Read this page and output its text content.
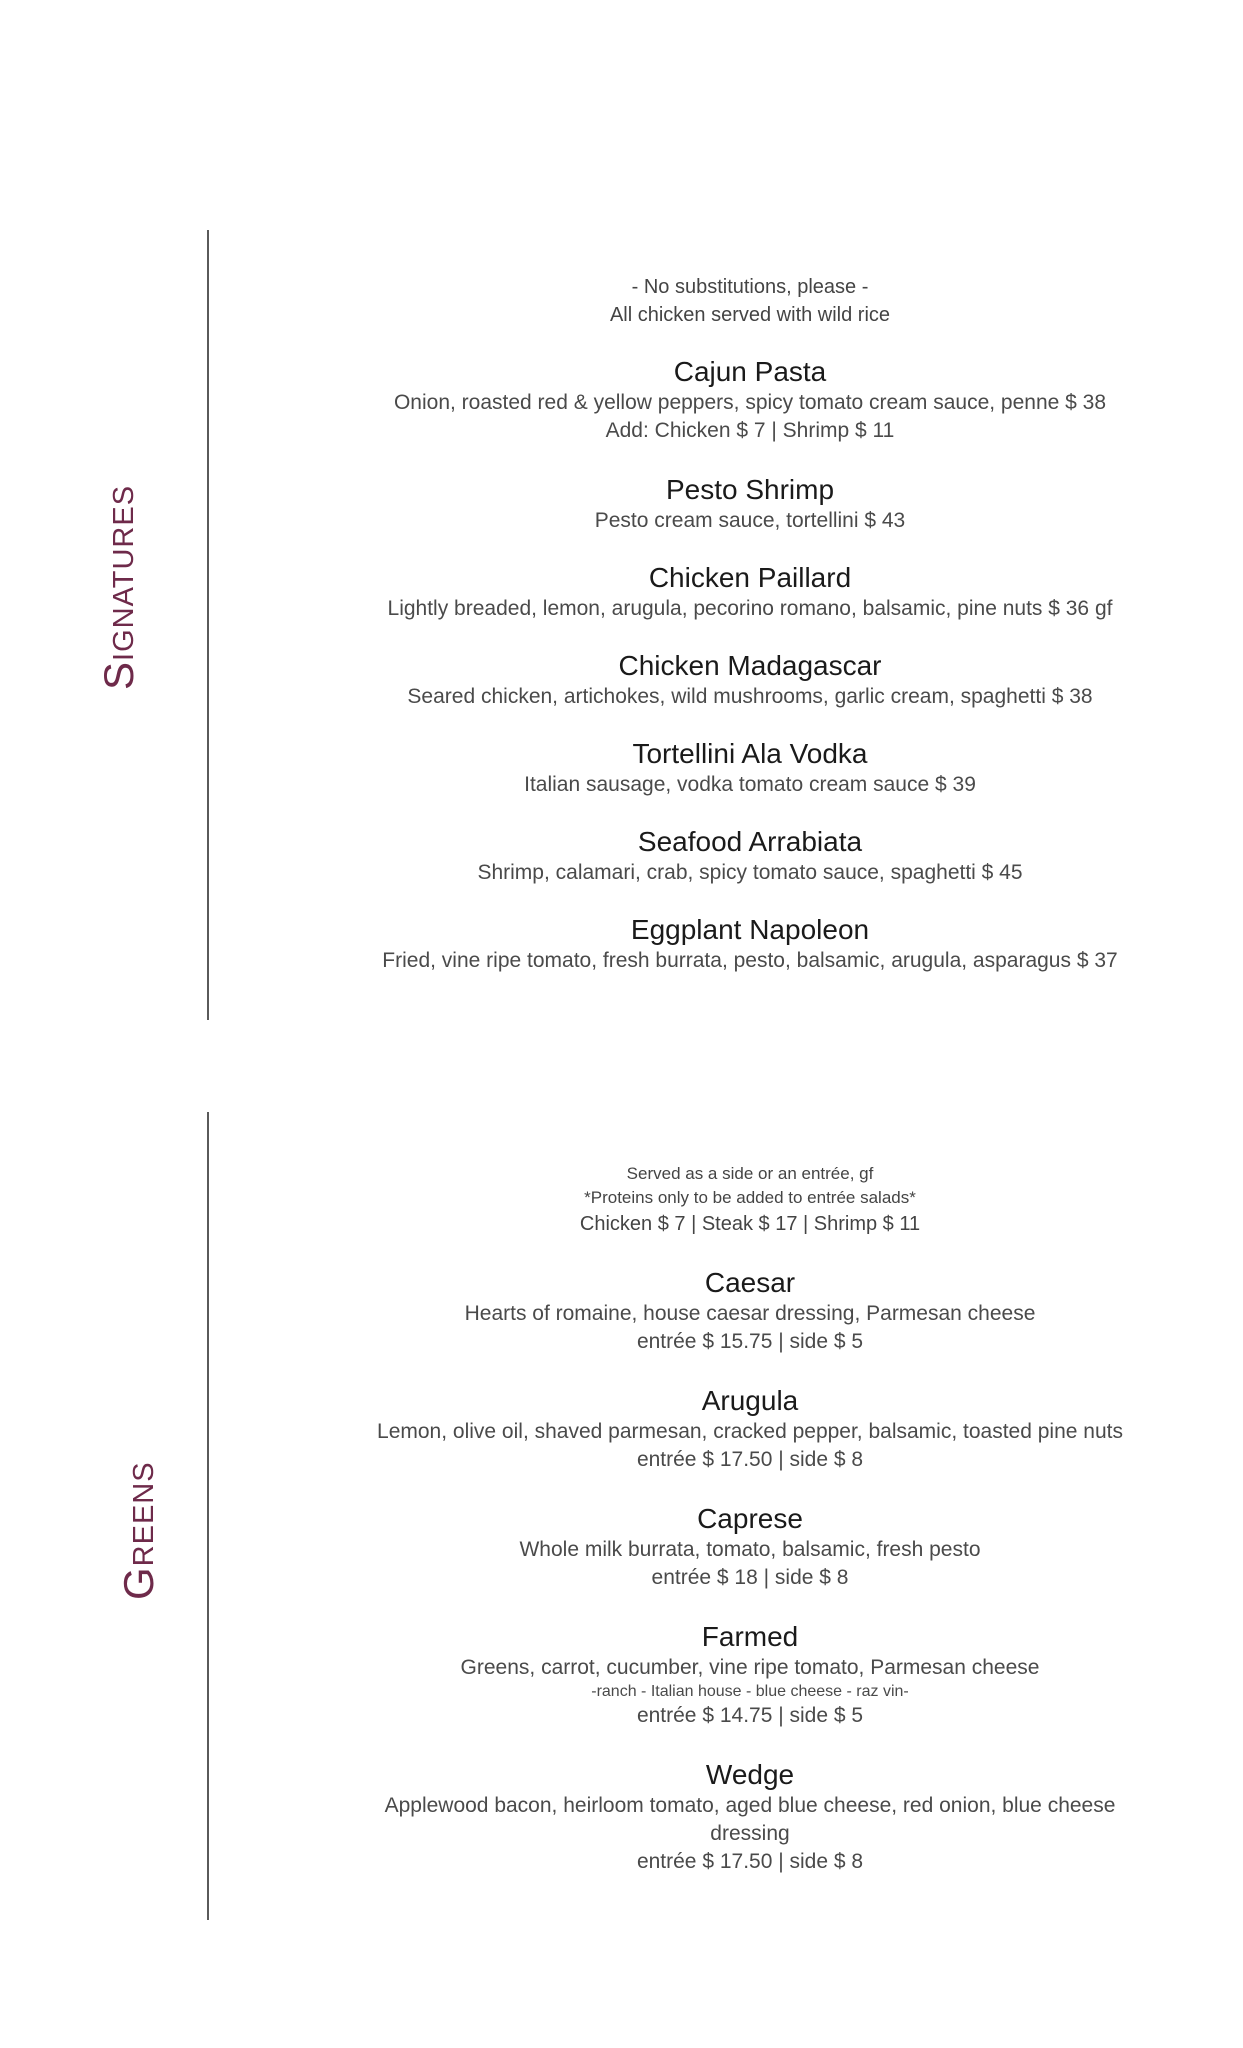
Signatures
- No substitutions, please -
All chicken served with wild rice
Cajun Pasta
Onion, roasted red & yellow peppers, spicy tomato cream sauce, penne $ 38
Add: Chicken $ 7 | Shrimp $ 11
Pesto Shrimp
Pesto cream sauce, tortellini $ 43
Chicken Paillard
Lightly breaded, lemon, arugula, pecorino romano, balsamic, pine nuts $ 36 gf
Chicken Madagascar
Seared chicken, artichokes, wild mushrooms, garlic cream, spaghetti $ 38
Tortellini Ala Vodka
Italian sausage, vodka tomato cream sauce $ 39
Seafood Arrabiata
Shrimp, calamari, crab, spicy tomato sauce, spaghetti $ 45
Eggplant Napoleon
Fried, vine ripe tomato, fresh burrata, pesto, balsamic, arugula, asparagus $ 37
Greens
Served as a side or an entrée, gf
*Proteins only to be added to entrée salads*
Chicken $ 7 | Steak $ 17 | Shrimp $ 11
Caesar
Hearts of romaine, house caesar dressing, Parmesan cheese
entrée $ 15.75 | side $ 5
Arugula
Lemon, olive oil, shaved parmesan, cracked pepper, balsamic, toasted pine nuts
entrée $ 17.50 | side $ 8
Caprese
Whole milk burrata, tomato, balsamic, fresh pesto
entrée $ 18 | side $ 8
Farmed
Greens, carrot, cucumber, vine ripe tomato, Parmesan cheese
-ranch - Italian house - blue cheese - raz vin-
entrée $ 14.75 | side $ 5
Wedge
Applewood bacon, heirloom tomato, aged blue cheese, red onion, blue cheese dressing
entrée $ 17.50 | side $ 8
